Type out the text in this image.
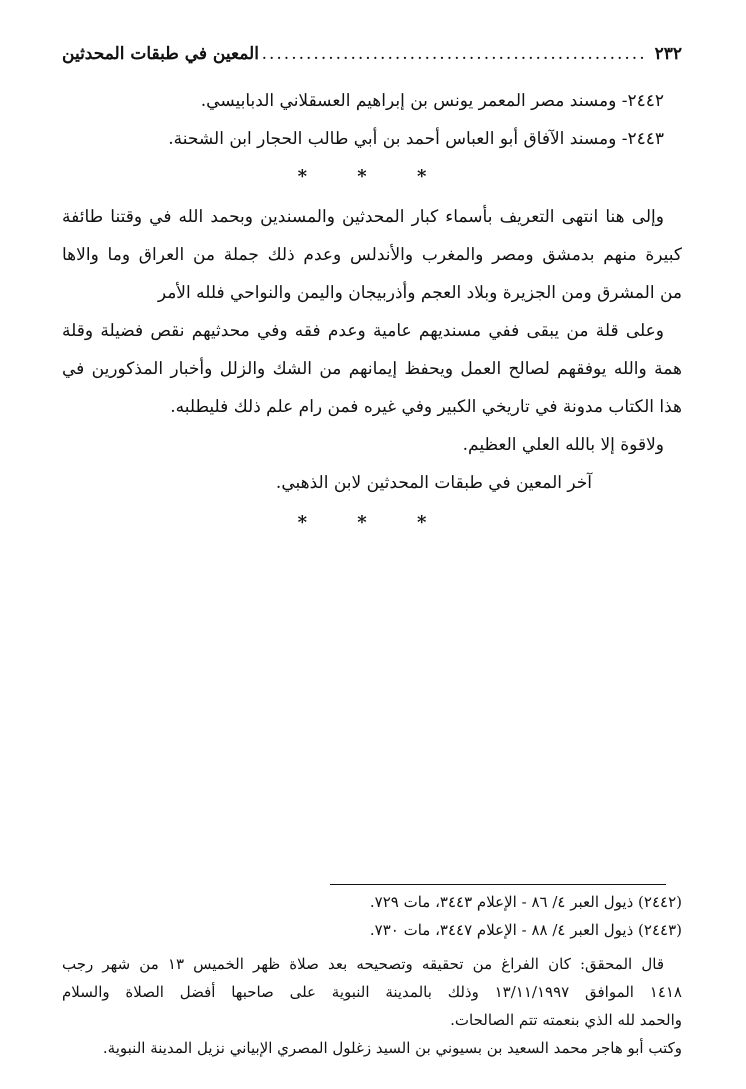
٢٣٢
.....
المعين في طبقات المحدثين
٢٤٤٢- ومسند مصر المعمر يونس بن إبراهيم العسقلاني الدبابيسي.
٢٤٤٣- ومسند الآفاق أبو العباس أحمد بن أبي طالب الحجار ابن الشحنة.
* * *
وإلى هنا انتهى التعريف بأسماء كبار المحدثين والمسندين وبحمد الله في وقتنا طائفة
كبيرة منهم بدمشق ومصر والمغرب والأندلس وعدم ذلك جملة من العراق وما والاها
من المشرق ومن الجزيرة وبلاد العجم وأذربيجان واليمن والنواحي فلله الأمر
وعلى قلة من يبقى ففي مسنديهم عامية وعدم فقه وفي محدثيهم نقص فضيلة وقلة
همة والله يوفقهم لصالح العمل ويحفظ إيمانهم من الشك والزلل وأخبار المذكورين في
هذا الكتاب مدونة في تاريخي الكبير وفي غيره فمن رام علم ذلك فليطلبه.
ولاقوة إلا بالله العلي العظيم.
آخر المعين في طبقات المحدثين لابن الذهبي.
* * *
(٢٤٤٢) ذيول العبر ٤/ ٨٦ - الإعلام ٣٤٤٣، مات ٧٢٩.
(٢٤٤٣) ذيول العبر ٤/ ٨٨ - الإعلام ٣٤٤٧، مات ٧٣٠.
قال المحقق: كان الفراغ من تحقيقه وتصحيحه بعد صلاة ظهر الخميس ١٣ من شهر رجب
١٤١٨ الموافق ١٣/١١/١٩٩٧ وذلك بالمدينة النبوية على صاحبها أفضل الصلاة والسلام
والحمد لله الذي بنعمته تتم الصالحات.
وكتب أبو هاجر محمد السعيد بن بسيوني بن السيد زغلول المصري الإبياني نزيل المدينة النبوية.
